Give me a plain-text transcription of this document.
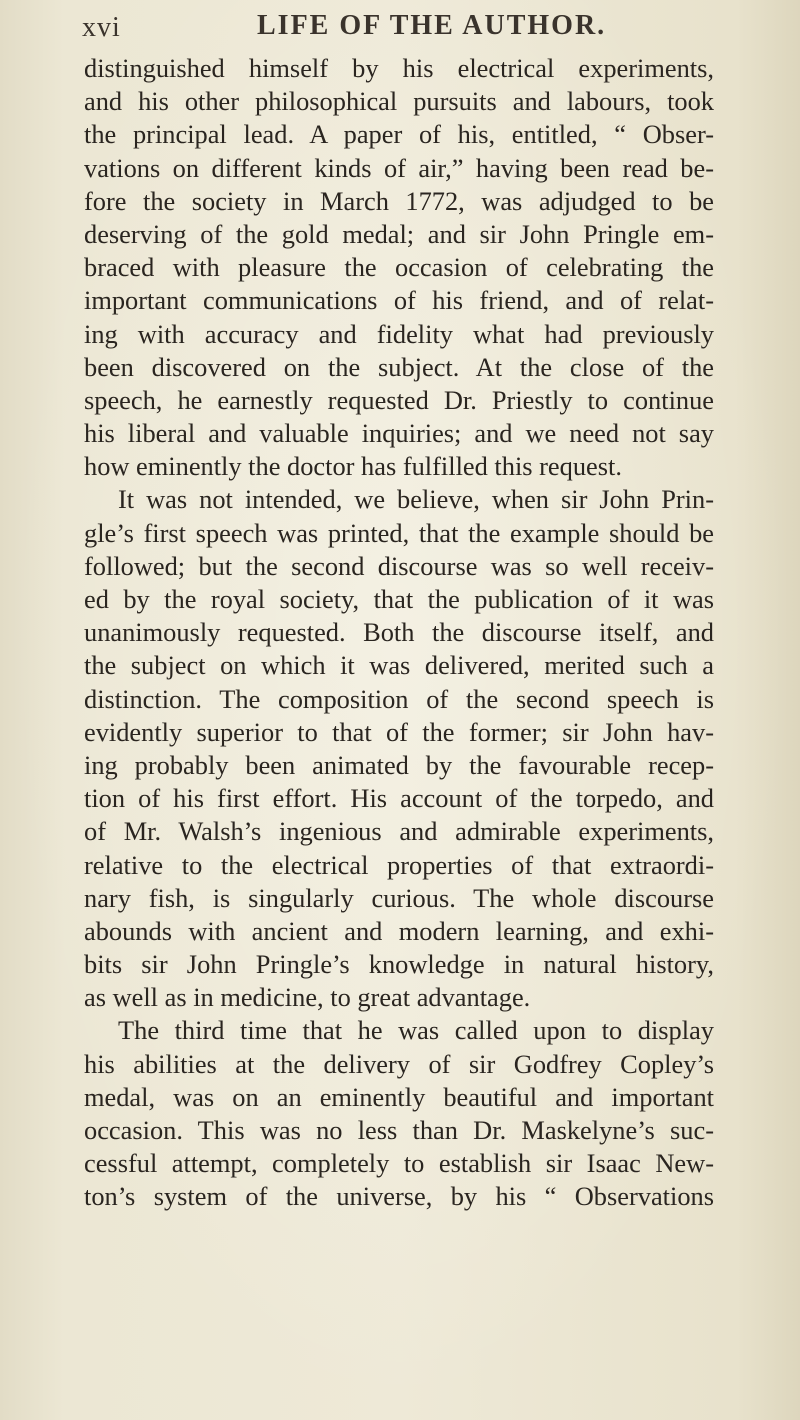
xvi	LIFE OF THE AUTHOR.
distinguished himself by his electrical experiments,
and his other philosophical pursuits and labours, took
the principal lead. A paper of his, entitled, “ Obser-
vations on different kinds of air,” having been read be-
fore the society in March 1772, was adjudged to be
deserving of the gold medal; and sir John Pringle em-
braced with pleasure the occasion of celebrating the
important communications of his friend, and of relat-
ing with accuracy and fidelity what had previously
been discovered on the subject. At the close of the
speech, he earnestly requested Dr. Priestly to continue
his liberal and valuable inquiries; and we need not say
how eminently the doctor has fulfilled this request.
It was not intended, we believe, when sir John Prin-
gle’s first speech was printed, that the example should be
followed; but the second discourse was so well receiv-
ed by the royal society, that the publication of it was
unanimously requested. Both the discourse itself, and
the subject on which it was delivered, merited such a
distinction. The composition of the second speech is
evidently superior to that of the former; sir John hav-
ing probably been animated by the favourable recep-
tion of his first effort. His account of the torpedo, and
of Mr. Walsh’s ingenious and admirable experiments,
relative to the electrical properties of that extraordi-
nary fish, is singularly curious. The whole discourse
abounds with ancient and modern learning, and exhi-
bits sir John Pringle’s knowledge in natural history,
as well as in medicine, to great advantage.
The third time that he was called upon to display
his abilities at the delivery of sir Godfrey Copley’s
medal, was on an eminently beautiful and important
occasion. This was no less than Dr. Maskelyne’s suc-
cessful attempt, completely to establish sir Isaac New-
ton’s system of the universe, by his “ Observations
